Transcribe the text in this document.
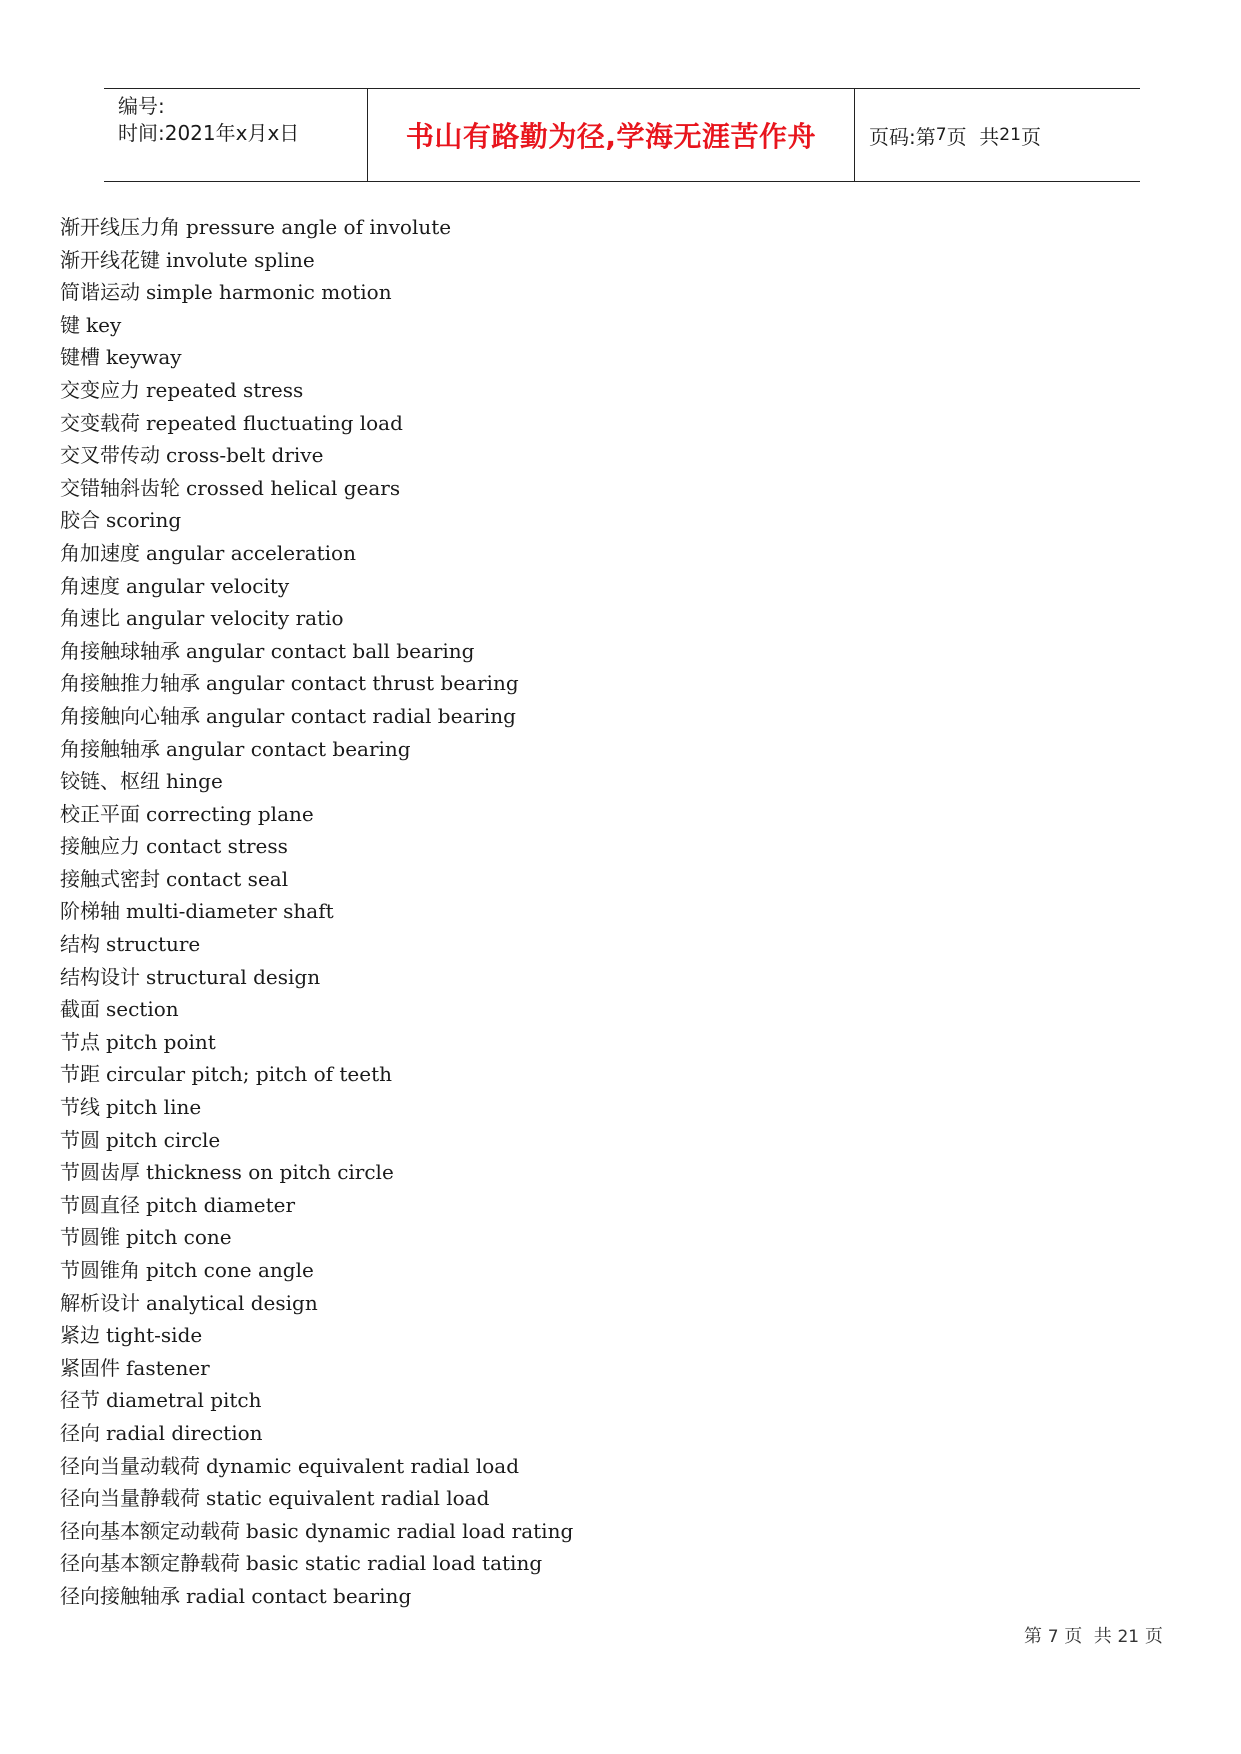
编号:
时间:2021年x月x日	书山有路勤为径,学海无涯苦作舟	页码:第 7 页  共 21 页
渐开线压力角 pressure angle of involute
渐开线花键 involute spline
简谐运动 simple harmonic motion
键 key
键槽 keyway
交变应力 repeated stress
交变载荷 repeated fluctuating load
交叉带传动 cross-belt drive
交错轴斜齿轮 crossed helical gears
胶合 scoring
角加速度 angular acceleration
角速度 angular velocity
角速比 angular velocity ratio
角接触球轴承 angular contact ball bearing
角接触推力轴承 angular contact thrust bearing
角接触向心轴承 angular contact radial bearing
角接触轴承 angular contact bearing
铰链、枢纽 hinge
校正平面 correcting plane
接触应力 contact stress
接触式密封 contact seal
阶梯轴 multi-diameter shaft
结构 structure
结构设计 structural design
截面 section
节点 pitch point
节距 circular pitch; pitch of teeth
节线 pitch line
节圆 pitch circle
节圆齿厚 thickness on pitch circle
节圆直径 pitch diameter
节圆锥 pitch cone
节圆锥角 pitch cone angle
解析设计 analytical design
紧边 tight-side
紧固件 fastener
径节 diametral pitch
径向 radial direction
径向当量动载荷 dynamic equivalent radial load
径向当量静载荷 static equivalent radial load
径向基本额定动载荷 basic dynamic radial load rating
径向基本额定静载荷 basic static radial load tating
径向接触轴承 radial contact bearing
第 7 页  共 21 页
